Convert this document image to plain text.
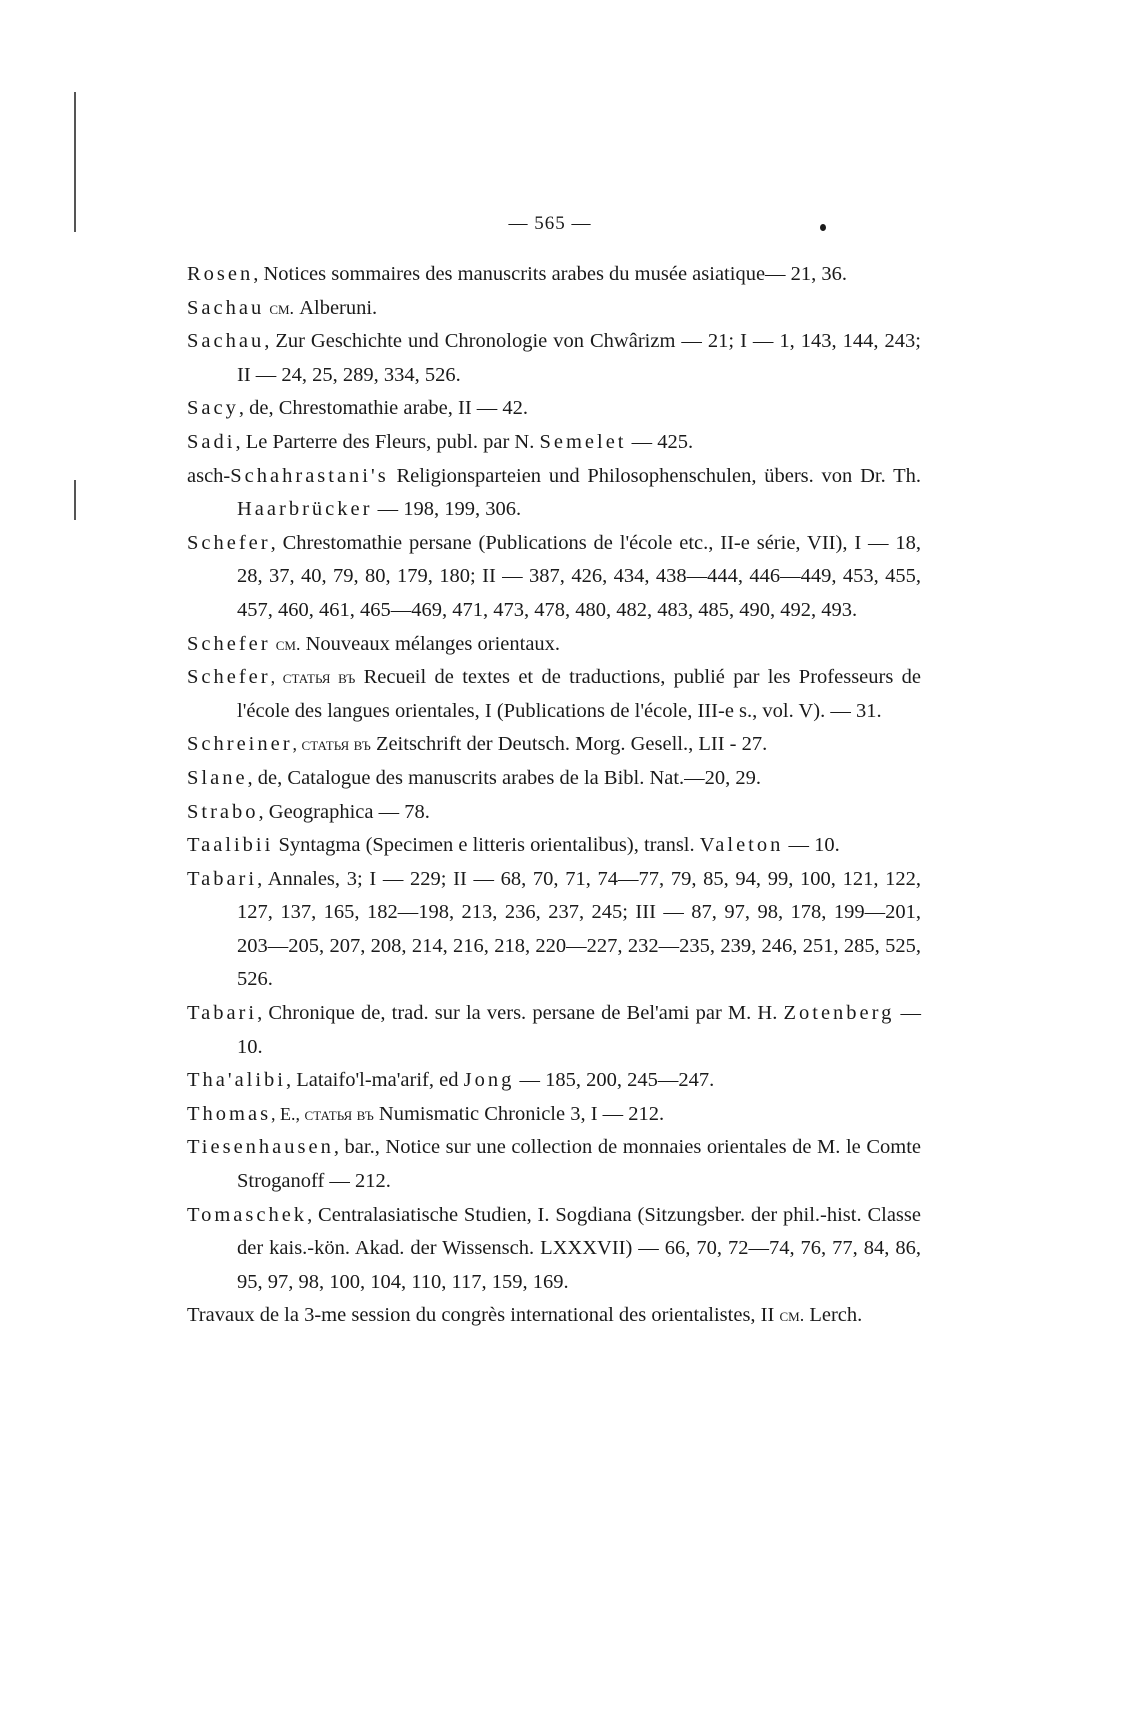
— 565 —

Rosen, Notices sommaires des manuscrits arabes du musée asiatique— 21, 36.

Sachau см. Alberuni.

Sachau, Zur Geschichte und Chronologie von Chwârizm — 21; I — 1, 143, 144, 243; II — 24, 25, 289, 334, 526.

Sacy, de, Chrestomathie arabe, II — 42.

Sadi, Le Parterre des Fleurs, publ. par N. Semelet — 425.

asch-Schahrastani's Religionsparteien und Philosophenschulen, übers. von Dr. Th. Haarbrücker — 198, 199, 306.

Schefer, Chrestomathie persane (Publications de l'école etc., II-e série, VII), I — 18, 28, 37, 40, 79, 80, 179, 180; II — 387, 426, 434, 438—444, 446—449, 453, 455, 457, 460, 461, 465—469, 471, 473, 478, 480, 482, 483, 485, 490, 492, 493.

Schefer см. Nouveaux mélanges orientaux.

Schefer, статья въ Recueil de textes et de traductions, publié par les Professeurs de l'école des langues orientales, I (Publications de l'école, III-e s., vol. V). — 31.

Schreiner, статья въ Zeitschrift der Deutsch. Morg. Gesell., LII - 27.

Slane, de, Catalogue des manuscrits arabes de la Bibl. Nat.—20, 29.

Strabo, Geographica — 78.

Taalibii Syntagma (Specimen e litteris orientalibus), transl. Valeton — 10.

Tabari, Annales, 3; I — 229; II — 68, 70, 71, 74—77, 79, 85, 94, 99, 100, 121, 122, 127, 137, 165, 182—198, 213, 236, 237, 245; III — 87, 97, 98, 178, 199—201, 203—205, 207, 208, 214, 216, 218, 220—227, 232—235, 239, 246, 251, 285, 525, 526.

Tabari, Chronique de, trad. sur la vers. persane de Bel'ami par M. H. Zotenberg — 10.

Tha'alibi, Lataifo'l-ma'arif, ed Jong — 185, 200, 245—247.

Thomas, E., статья въ Numismatic Chronicle 3, I — 212.

Tiesenhausen, bar., Notice sur une collection de monnaies orientales de M. le Comte Stroganoff — 212.

Tomaschek, Centralasiatische Studien, I. Sogdiana (Sitzungsber. der phil.-hist. Classe der kais.-kön. Akad. der Wissensch. LXXXVII) — 66, 70, 72—74, 76, 77, 84, 86, 95, 97, 98, 100, 104, 110, 117, 159, 169.

Travaux de la 3-me session du congrès international des orientalistes, II см. Lerch.
